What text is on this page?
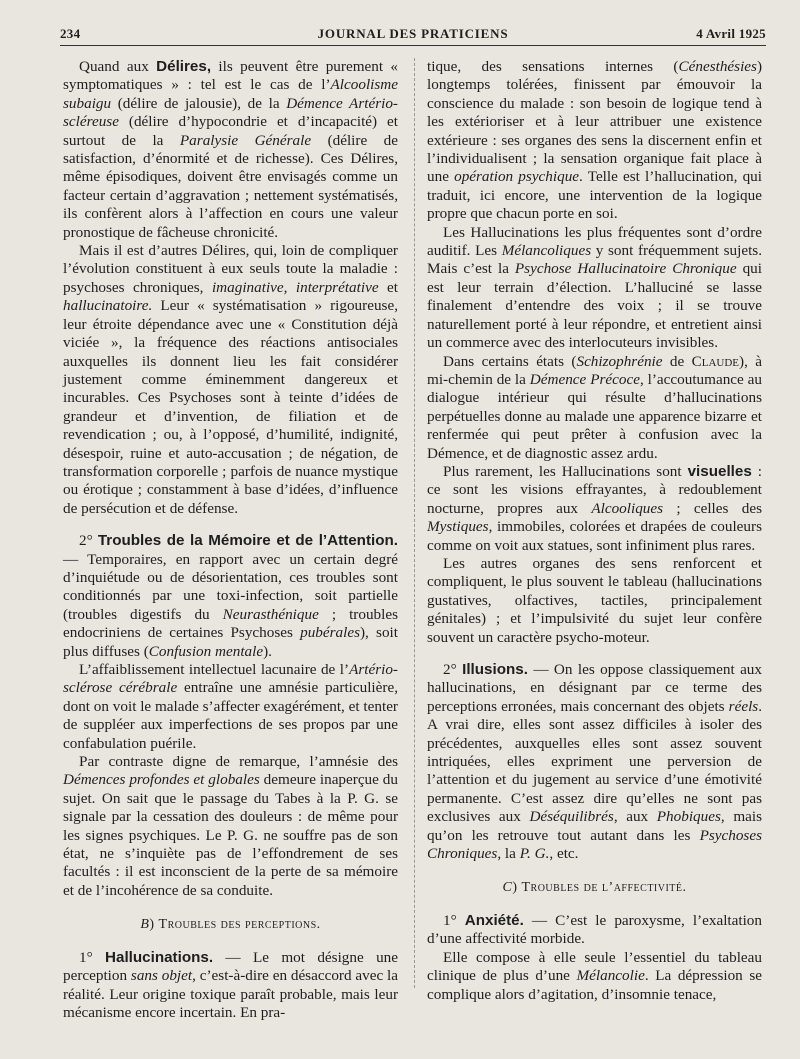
234	JOURNAL DES PRATICIENS	4 Avril 1925

Quand aux Délires, ils peuvent être purement « symptomatiques » : tel est le cas de l’Alcoolisme subaigu (délire de jalousie), de la Démence Artério-scléreuse (délire d’hypocondrie et d’incapacité) et surtout de la Paralysie Générale (délire de satisfaction, d’énormité et de richesse). Ces Délires, même épisodiques, doivent être envisagés comme un facteur certain d’aggravation ; nettement systématisés, ils confèrent alors à l’affection en cours une valeur pronostique de fâcheuse chronicité.

Mais il est d’autres Délires, qui, loin de compliquer l’évolution constituent à eux seuls toute la maladie : psychoses chroniques, imaginative, interprétative et hallucinatoire. Leur « systématisation » rigoureuse, leur étroite dépendance avec une « Constitution déjà viciée », la fréquence des réactions antisociales auxquelles ils donnent lieu les fait considérer justement comme éminemment dangereux et incurables. Ces Psychoses sont à teinte d’idées de grandeur et d’invention, de filiation et de revendication ; ou, à l’opposé, d’humilité, indignité, désespoir, ruine et auto-accusation ; de négation, de transformation corporelle ; parfois de nuance mystique ou érotique ; constamment à base d’idées, d’influence de persécution et de défense.

2° Troubles de la Mémoire et de l’Attention. — Temporaires, en rapport avec un certain degré d’inquiétude ou de désorientation, ces troubles sont conditionnés par une toxi-infection, soit partielle (troubles digestifs du Neurasthénique ; troubles endocriniens de certaines Psychoses pubérales), soit plus diffuses (Confusion mentale).

L’affaiblissement intellectuel lacunaire de l’Artério-sclérose cérébrale entraîne une amnésie particulière, dont on voit le malade s’affecter exagérément, et tenter de suppléer aux imperfections de ses propos par une confabulation puérile.

Par contraste digne de remarque, l’amnésie des Démences profondes et globales demeure inaperçue du sujet. On sait que le passage du Tabes à la P. G. se signale par la cessation des douleurs : de même pour les signes psychiques. Le P. G. ne souffre pas de son état, ne s’inquiète pas de l’effondrement de ses facultés : il est inconscient de la perte de sa mémoire et de l’incohérence de sa conduite.

B) Troubles des perceptions.

1° Hallucinations. — Le mot désigne une perception sans objet, c’est-à-dire en désaccord avec la réalité. Leur origine toxique paraît probable, mais leur mécanisme encore incertain. En pra-

tique, des sensations internes (Cénesthésies) longtemps tolérées, finissent par émouvoir la conscience du malade : son besoin de logique tend à les extérioriser et à leur attribuer une existence extérieure : ses organes des sens la discernent enfin et l’individualisent ; la sensation organique fait place à une opération psychique. Telle est l’hallucination, qui traduit, ici encore, une intervention de la logique propre que chacun porte en soi.

Les Hallucinations les plus fréquentes sont d’ordre auditif. Les Mélancoliques y sont fréquemment sujets. Mais c’est la Psychose Hallucinatoire Chronique qui est leur terrain d’élection. L’halluciné se lasse finalement d’entendre des voix ; il se trouve naturellement porté à leur répondre, et entretient ainsi un commerce avec des interlocuteurs invisibles.

Dans certains états (Schizophrénie de Claude), à mi-chemin de la Démence Précoce, l’accoutumance au dialogue intérieur qui résulte d’hallucinations perpétuelles donne au malade une apparence bizarre et renfermée qui peut prêter à confusion avec la Démence, et de diagnostic assez ardu.

Plus rarement, les Hallucinations sont visuelles : ce sont les visions effrayantes, à redoublement nocturne, propres aux Alcooliques ; celles des Mystiques, immobiles, colorées et drapées de couleurs comme on voit aux statues, sont infiniment plus rares.

Les autres organes des sens renforcent et compliquent, le plus souvent le tableau (hallucinations gustatives, olfactives, tactiles, principalement génitales) ; et l’impulsivité du sujet leur confère souvent un caractère psycho-moteur.

2° Illusions. — On les oppose classiquement aux hallucinations, en désignant par ce terme des perceptions erronées, mais concernant des objets réels. A vrai dire, elles sont assez difficiles à isoler des précédentes, auxquelles elles sont assez souvent intriquées, elles expriment une perversion de l’attention et du jugement au service d’une émotivité permanente. C’est assez dire qu’elles ne sont pas exclusives aux Déséquilibrés, aux Phobiques, mais qu’on les retrouve tout autant dans les Psychoses Chroniques, la P. G., etc.

C) Troubles de l’affectivité.

1° Anxiété. — C’est le paroxysme, l’exaltation d’une affectivité morbide.

Elle compose à elle seule l’essentiel du tableau clinique de plus d’une Mélancolie. La dépression se complique alors d’agitation, d’insomnie tenace,
